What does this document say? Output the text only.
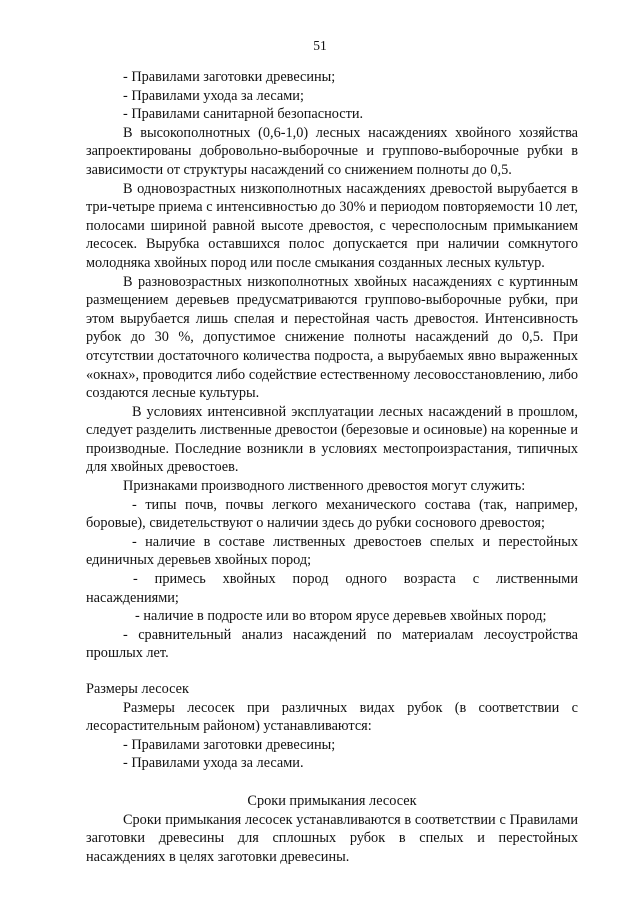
51

- Правилами заготовки древесины;

- Правилами ухода за лесами;

- Правилами санитарной безопасности.

В высокополнотных (0,6-1,0) лесных насаждениях хвойного хозяйства запроектированы добровольно-выборочные и группово-выборочные рубки в зависимости от структуры насаждений со снижением полноты до 0,5.

В одновозрастных низкополнотных насаждениях древостой вырубается в три-четыре приема с интенсивностью до 30% и периодом повторяемости 10 лет, полосами шириной равной высоте древостоя, с чересполосным примыканием лесосек. Вырубка оставшихся полос допускается при наличии сомкнутого молодняка хвойных пород или после смыкания созданных лесных культур.

В разновозрастных низкополнотных хвойных насаждениях с куртинным размещением деревьев предусматриваются группово-выборочные рубки, при этом вырубается лишь спелая и перестойная часть древостоя. Интенсивность рубок до 30 %, допустимое снижение полноты насаждений до 0,5. При отсутствии достаточного количества подроста, а вырубаемых явно выраженных «окнах», проводится либо содействие естественному лесовосстановлению, либо создаются лесные культуры.

В условиях интенсивной эксплуатации лесных насаждений в прошлом, следует разделить лиственные древостои (березовые и осиновые) на коренные и производные. Последние возникли в условиях местопроизрастания, типичных для хвойных древостоев.

Признаками производного лиственного древостоя могут служить:

- типы почв, почвы легкого механического состава (так, например, боровые), свидетельствуют о наличии здесь до рубки соснового древостоя;

- наличие в составе лиственных древостоев спелых и перестойных единичных деревьев хвойных пород;

- примесь хвойных пород одного возраста с лиственными насаждениями;

- наличие в подросте или во втором ярусе деревьев хвойных пород;

- сравнительный анализ насаждений по материалам лесоустройства прошлых лет.

Размеры лесосек

Размеры лесосек при различных видах рубок (в соответствии с лесорастительным районом) устанавливаются:

- Правилами заготовки древесины;

- Правилами ухода за лесами.

Сроки примыкания лесосек

Сроки примыкания лесосек устанавливаются в соответствии с Правилами заготовки древесины для сплошных рубок в спелых и перестойных насаждениях в целях заготовки древесины.
